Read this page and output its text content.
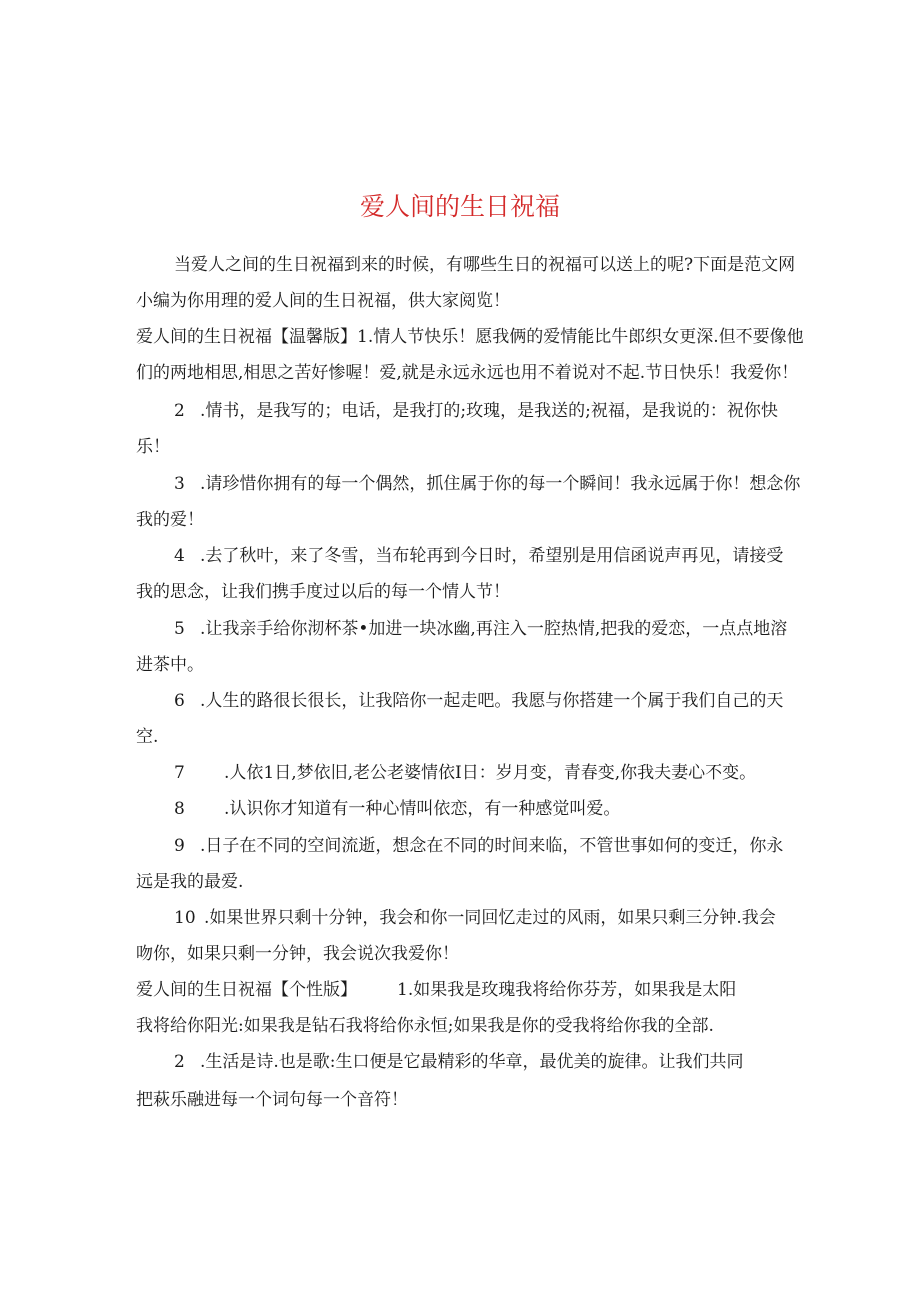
爱人间的生日祝福
当爱人之间的生日祝福到来的时候，有哪些生日的祝福可以送上的呢?下面是范文网
小编为你用理的爱人间的生日祝福，供大家阅览！
爱人间的生日祝福【温馨版】1.情人节快乐！愿我俩的爱情能比牛郎织女更深.但不要像他
们的两地相思,相思之苦好惨喔！爱,就是永远永远也用不着说对不起.节日快乐！我爱你！
2 .情书，是我写的；电话，是我打的;玫瑰，是我送的;祝福，是我说的：祝你快
乐！
3 .请珍惜你拥有的每一个偶然，抓住属于你的每一个瞬间！我永远属于你！想念你
我的爱！
4 .去了秋叶，来了冬雪，当布轮再到今日时，希望别是用信函说声再见，请接受
我的思念，让我们携手度过以后的每一个情人节！
5 .让我亲手给你沏杯茶•加进一块冰幽,再注入一腔热情,把我的爱恋，一点点地溶
进茶中。
6 .人生的路很长很长，让我陪你一起走吧。我愿与你搭建一个属于我们自己的天
空.
7 .人依1日,梦依旧,老公老婆情依I日：岁月变，青春变,你我夫妻心不变。
8 .认识你才知道有一种心情叫依恋，有一种感觉叫爱。
9 .日子在不同的空间流逝，想念在不同的时间来临，不管世事如何的变迁，你永
远是我的最爱.
10 .如果世界只剩十分钟，我会和你一同回忆走过的风雨，如果只剩三分钟.我会
吻你，如果只剩一分钟，我会说次我爱你！
爱人间的生日祝福【个性版】 1.如果我是玫瑰我将给你芬芳，如果我是太阳
我将给你阳光:如果我是钻石我将给你永恒;如果我是你的受我将给你我的全部.
2 .生活是诗.也是歌:生口便是它最精彩的华章，最优美的旋律。让我们共同
把萩乐融进每一个词句每一个音符！
